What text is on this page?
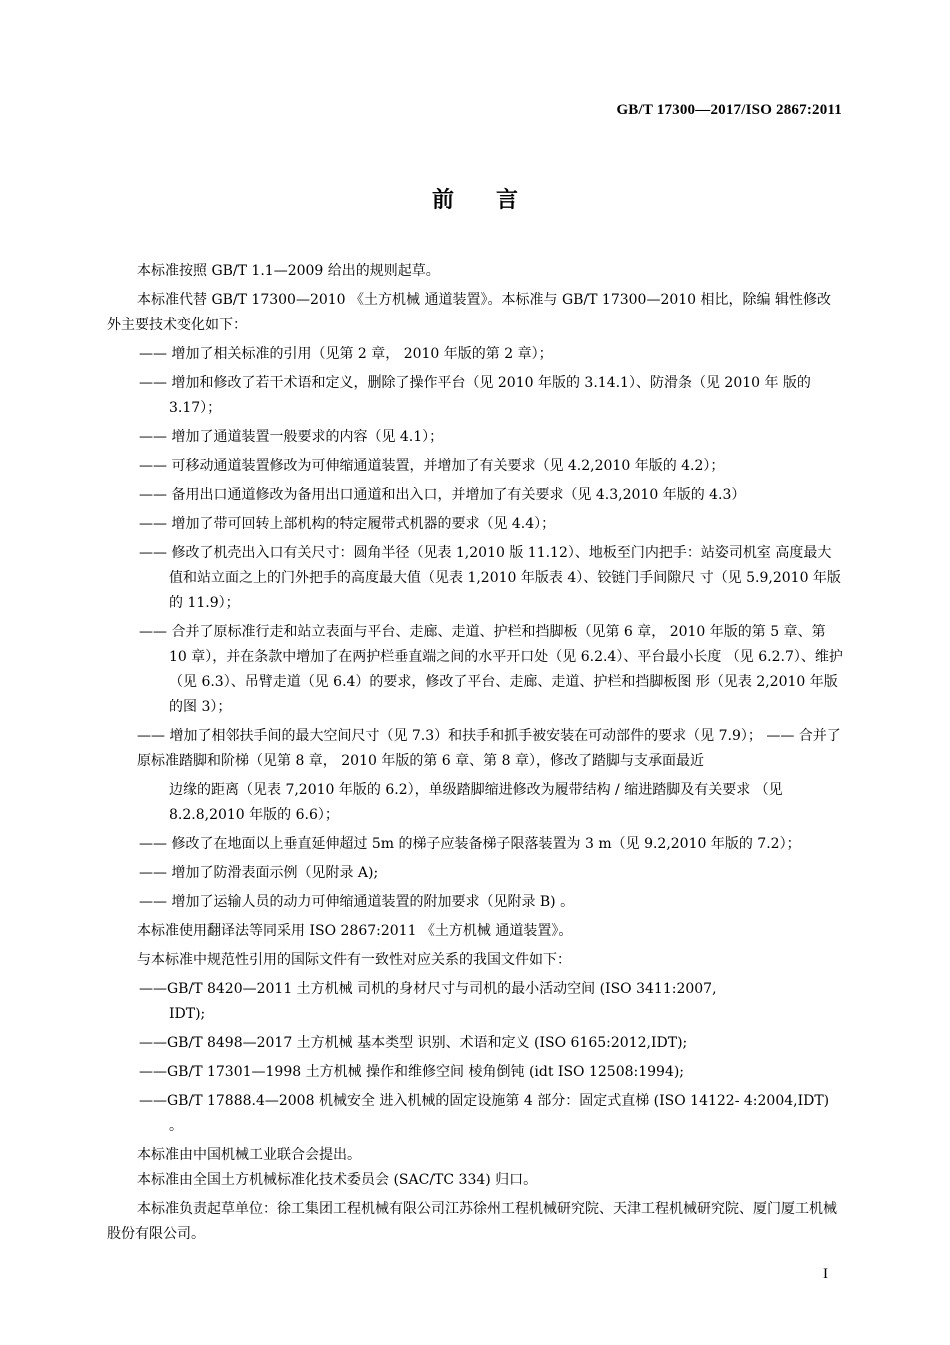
GB/T 17300—2017/ISO 2867:2011
前言

本标准按照 GB/T 1.1—2009 给出的规则起草。

本标准代替 GB/T 17300—2010 《土方机械 通道装置》。本标准与 GB/T 17300—2010 相比，除编 辑性修改外主要技术变化如下：

—— 增加了相关标准的引用（见第 2 章， 2010 年版的第 2 章）；

—— 增加和修改了若干术语和定义，删除了操作平台（见 2010 年版的 3.14.1）、防滑条（见 2010 年 版的 3.17）；

—— 增加了通道装置一般要求的内容（见 4.1）；

—— 可移动通道装置修改为可伸缩通道装置，并增加了有关要求（见 4.2,2010 年版的 4.2）；

—— 备用出口通道修改为备用出口通道和出入口，并增加了有关要求（见 4.3,2010 年版的 4.3）

—— 增加了带可回转上部机构的特定履带式机器的要求（见 4.4）；

—— 修改了机壳出入口有关尺寸：圆角半径（见表 1,2010 版 11.12）、地板至门内把手：站姿司机室 高度最大值和站立面之上的门外把手的高度最大值（见表 1,2010 年版表 4）、铰链门手间隙尺 寸（见 5.9,2010 年版的 11.9）；

—— 合并了原标准行走和站立表面与平台、走廊、走道、护栏和挡脚板（见第 6 章， 2010 年版的第 5 章、第 10 章），并在条款中增加了在两护栏垂直端之间的水平开口处（见 6.2.4）、平台最小长度 （见 6.2.7）、维护（见 6.3）、吊臂走道（见 6.4）的要求，修改了平台、走廊、走道、护栏和挡脚板图 形（见表 2,2010 年版的图 3）；

—— 增加了相邻扶手间的最大空间尺寸（见 7.3）和扶手和抓手被安装在可动部件的要求（见 7.9）； —— 合并了原标准踏脚和阶梯（见第 8 章， 2010 年版的第 6 章、第 8 章），修改了踏脚与支承面最近

边缘的距离（见表 7,2010 年版的 6.2），单级踏脚缩进修改为履带结构 / 缩进踏脚及有关要求 （见 8.2.8,2010 年版的 6.6）；

—— 修改了在地面以上垂直延伸超过 5m 的梯子应装备梯子限落装置为 3 m（见 9.2,2010 年版的 7.2）；

—— 增加了防滑表面示例（见附录 A);

—— 增加了运输人员的动力可伸缩通道装置的附加要求（见附录 B) 。

本标准使用翻译法等同采用 ISO 2867:2011 《土方机械 通道装置》。

与本标准中规范性引用的国际文件有一致性对应关系的我国文件如下：

——GB/T 8420—2011 土方机械 司机的身材尺寸与司机的最小活动空间 (ISO 3411:2007,

IDT);

——GB/T 8498—2017 土方机械 基本类型 识别、术语和定义 (ISO 6165:2012,IDT);

——GB/T 17301—1998 土方机械 操作和维修空间 棱角倒钝 (idt ISO 12508:1994);

——GB/T 17888.4—2008 机械安全 进入机械的固定设施第 4 部分：固定式直梯 (ISO 14122- 4:2004,IDT) 。

本标准由中国机械工业联合会提出。

本标准由全国土方机械标准化技术委员会 (SAC/TC 334) 归口。

本标准负责起草单位：徐工集团工程机械有限公司江苏徐州工程机械研究院、天津工程机械研究院、厦门厦工机械股份有限公司。

I
